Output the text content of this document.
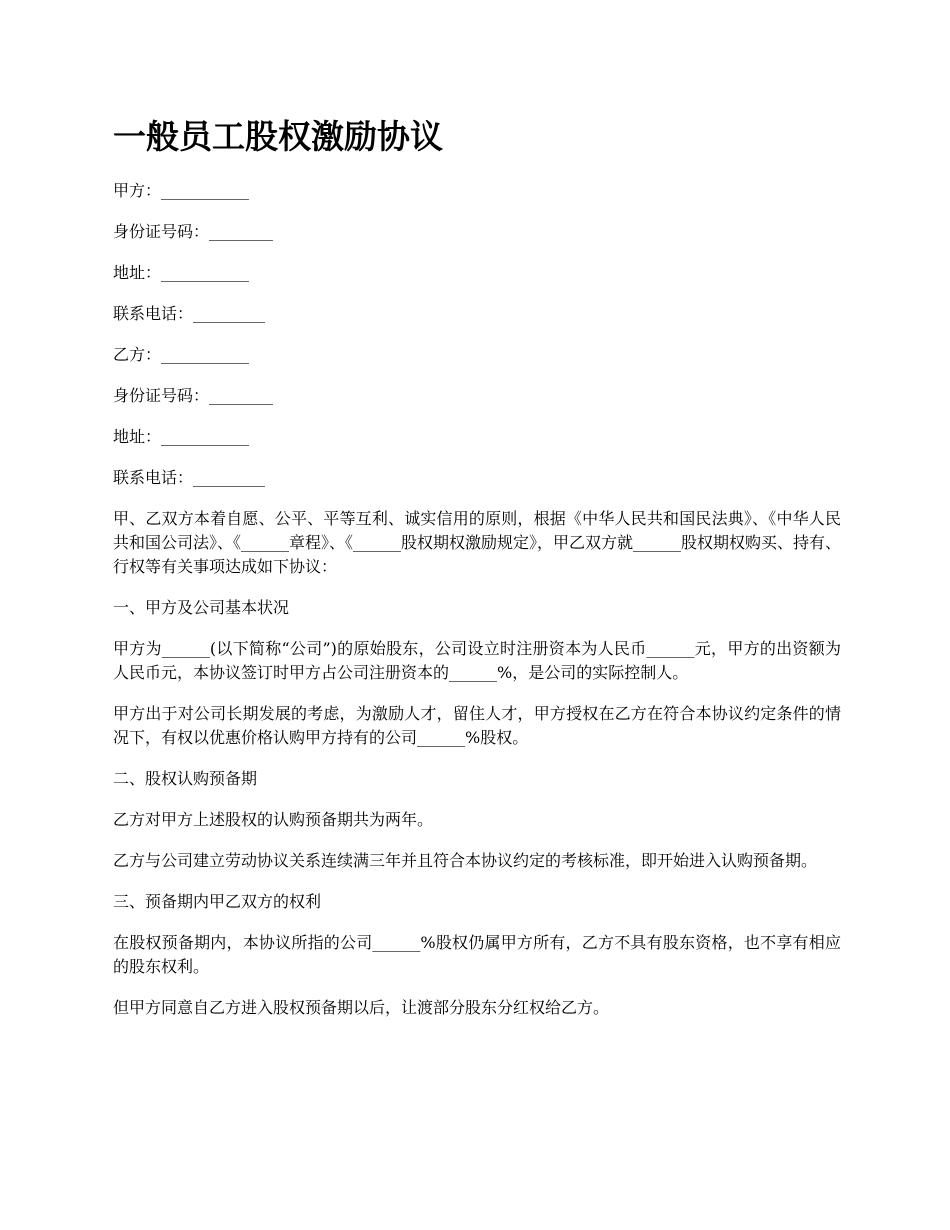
一般员工股权激励协议

甲方：___________

身份证号码：________

地址：___________

联系电话：_________

乙方：___________

身份证号码：________

地址：___________

联系电话：_________

甲、乙双方本着自愿、公平、平等互利、诚实信用的原则，根据《中华人民共和国民法典》、《中华人民共和国公司法》、《______章程》、《______股权期权激励规定》，甲乙双方就______股权期权购买、持有、行权等有关事项达成如下协议：

一、甲方及公司基本状况

甲方为______(以下简称“公司”)的原始股东，公司设立时注册资本为人民币______元，甲方的出资额为人民币元，本协议签订时甲方占公司注册资本的______%，是公司的实际控制人。

甲方出于对公司长期发展的考虑，为激励人才，留住人才，甲方授权在乙方在符合本协议约定条件的情况下，有权以优惠价格认购甲方持有的公司______%股权。

二、股权认购预备期

乙方对甲方上述股权的认购预备期共为两年。

乙方与公司建立劳动协议关系连续满三年并且符合本协议约定的考核标准，即开始进入认购预备期。

三、预备期内甲乙双方的权利

在股权预备期内，本协议所指的公司______%股权仍属甲方所有，乙方不具有股东资格，也不享有相应的股东权利。

但甲方同意自乙方进入股权预备期以后，让渡部分股东分红权给乙方。
